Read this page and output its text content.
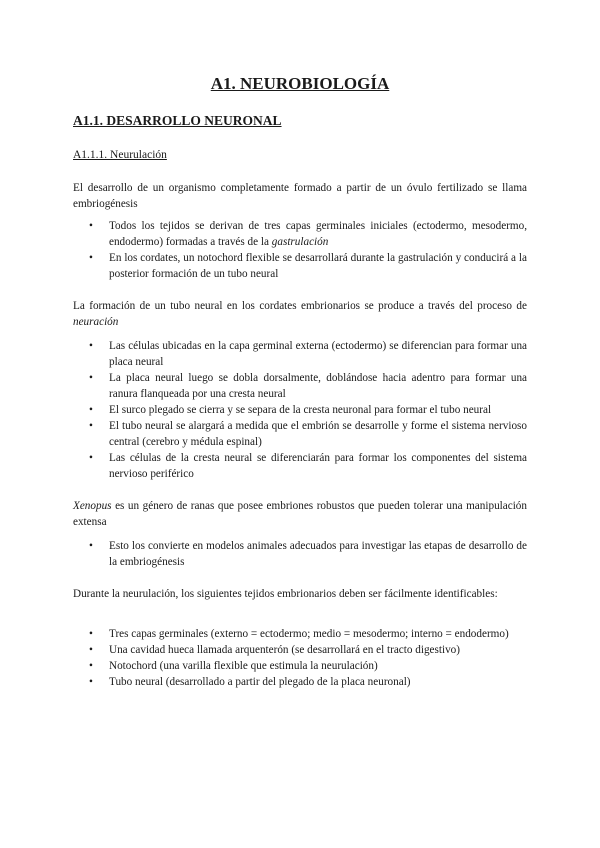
A1. NEUROBIOLOGÍA
A1.1. DESARROLLO NEURONAL
A1.1.1. Neurulación

El desarrollo de un organismo completamente formado a partir de un óvulo fertilizado se llama embriogénesis

• Todos los tejidos se derivan de tres capas germinales iniciales (ectodermo, mesodermo, endodermo) formadas a través de la gastrulación
• En los cordates, un notochord flexible se desarrollará durante la gastrulación y conducirá a la posterior formación de un tubo neural

La formación de un tubo neural en los cordates embrionarios se produce a través del proceso de neuración

• Las células ubicadas en la capa germinal externa (ectodermo) se diferencian para formar una placa neural
• La placa neural luego se dobla dorsalmente, doblándose hacia adentro para formar una ranura flanqueada por una cresta neural
• El surco plegado se cierra y se separa de la cresta neuronal para formar el tubo neural
• El tubo neural se alargará a medida que el embrión se desarrolle y forme el sistema nervioso central (cerebro y médula espinal)
• Las células de la cresta neural se diferenciarán para formar los componentes del sistema nervioso periférico

Xenopus es un género de ranas que posee embriones robustos que pueden tolerar una manipulación extensa

• Esto los convierte en modelos animales adecuados para investigar las etapas de desarrollo de la embriogénesis

Durante la neurulación, los siguientes tejidos embrionarios deben ser fácilmente identificables:

• Tres capas germinales (externo = ectodermo; medio = mesodermo; interno = endodermo)
• Una cavidad hueca llamada arquenterón (se desarrollará en el tracto digestivo)
• Notochord (una varilla flexible que estimula la neurulación)
• Tubo neural (desarrollado a partir del plegado de la placa neuronal)
